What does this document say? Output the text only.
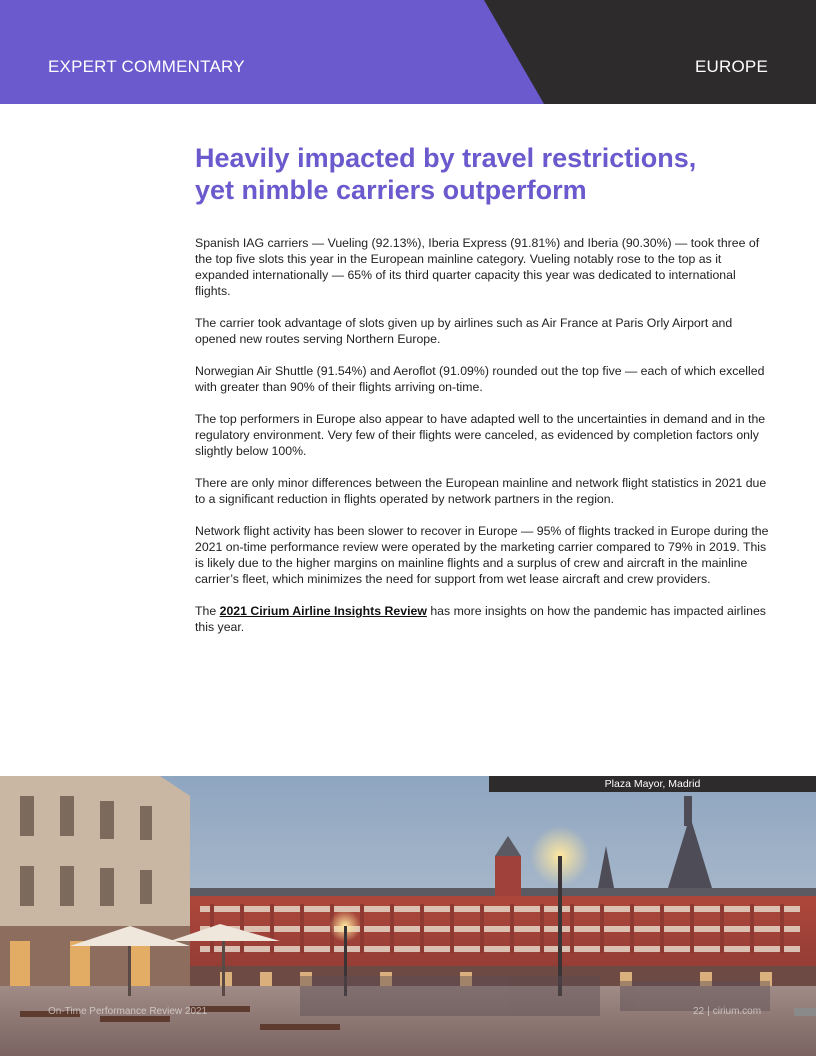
EXPERT COMMENTARY	EUROPE
Heavily impacted by travel restrictions,
yet nimble carriers outperform

Spanish IAG carriers — Vueling (92.13%), Iberia Express (91.81%) and Iberia (90.30%) — took three of the top five slots this year in the European mainline category. Vueling notably rose to the top as it expanded internationally — 65% of its third quarter capacity this year was dedicated to international flights.

The carrier took advantage of slots given up by airlines such as Air France at Paris Orly Airport and opened new routes serving Northern Europe.

Norwegian Air Shuttle (91.54%) and Aeroflot (91.09%) rounded out the top five — each of which excelled with greater than 90% of their flights arriving on-time.

The top performers in Europe also appear to have adapted well to the uncertainties in demand and in the regulatory environment. Very few of their flights were canceled, as evidenced by completion factors only slightly below 100%.

There are only minor differences between the European mainline and network flight statistics in 2021 due to a significant reduction in flights operated by network partners in the region.

Network flight activity has been slower to recover in Europe — 95% of flights tracked in Europe during the 2021 on-time performance review were operated by the marketing carrier compared to 79% in 2019. This is likely due to the higher margins on mainline flights and a surplus of crew and aircraft in the mainline carrier’s fleet, which minimizes the need for support from wet lease aircraft and crew providers.

The 2021 Cirium Airline Insights Review has more insights on how the pandemic has impacted airlines this year.

Plaza Mayor, Madrid
On-Time Performance Review 2021	22 | cirium.com
